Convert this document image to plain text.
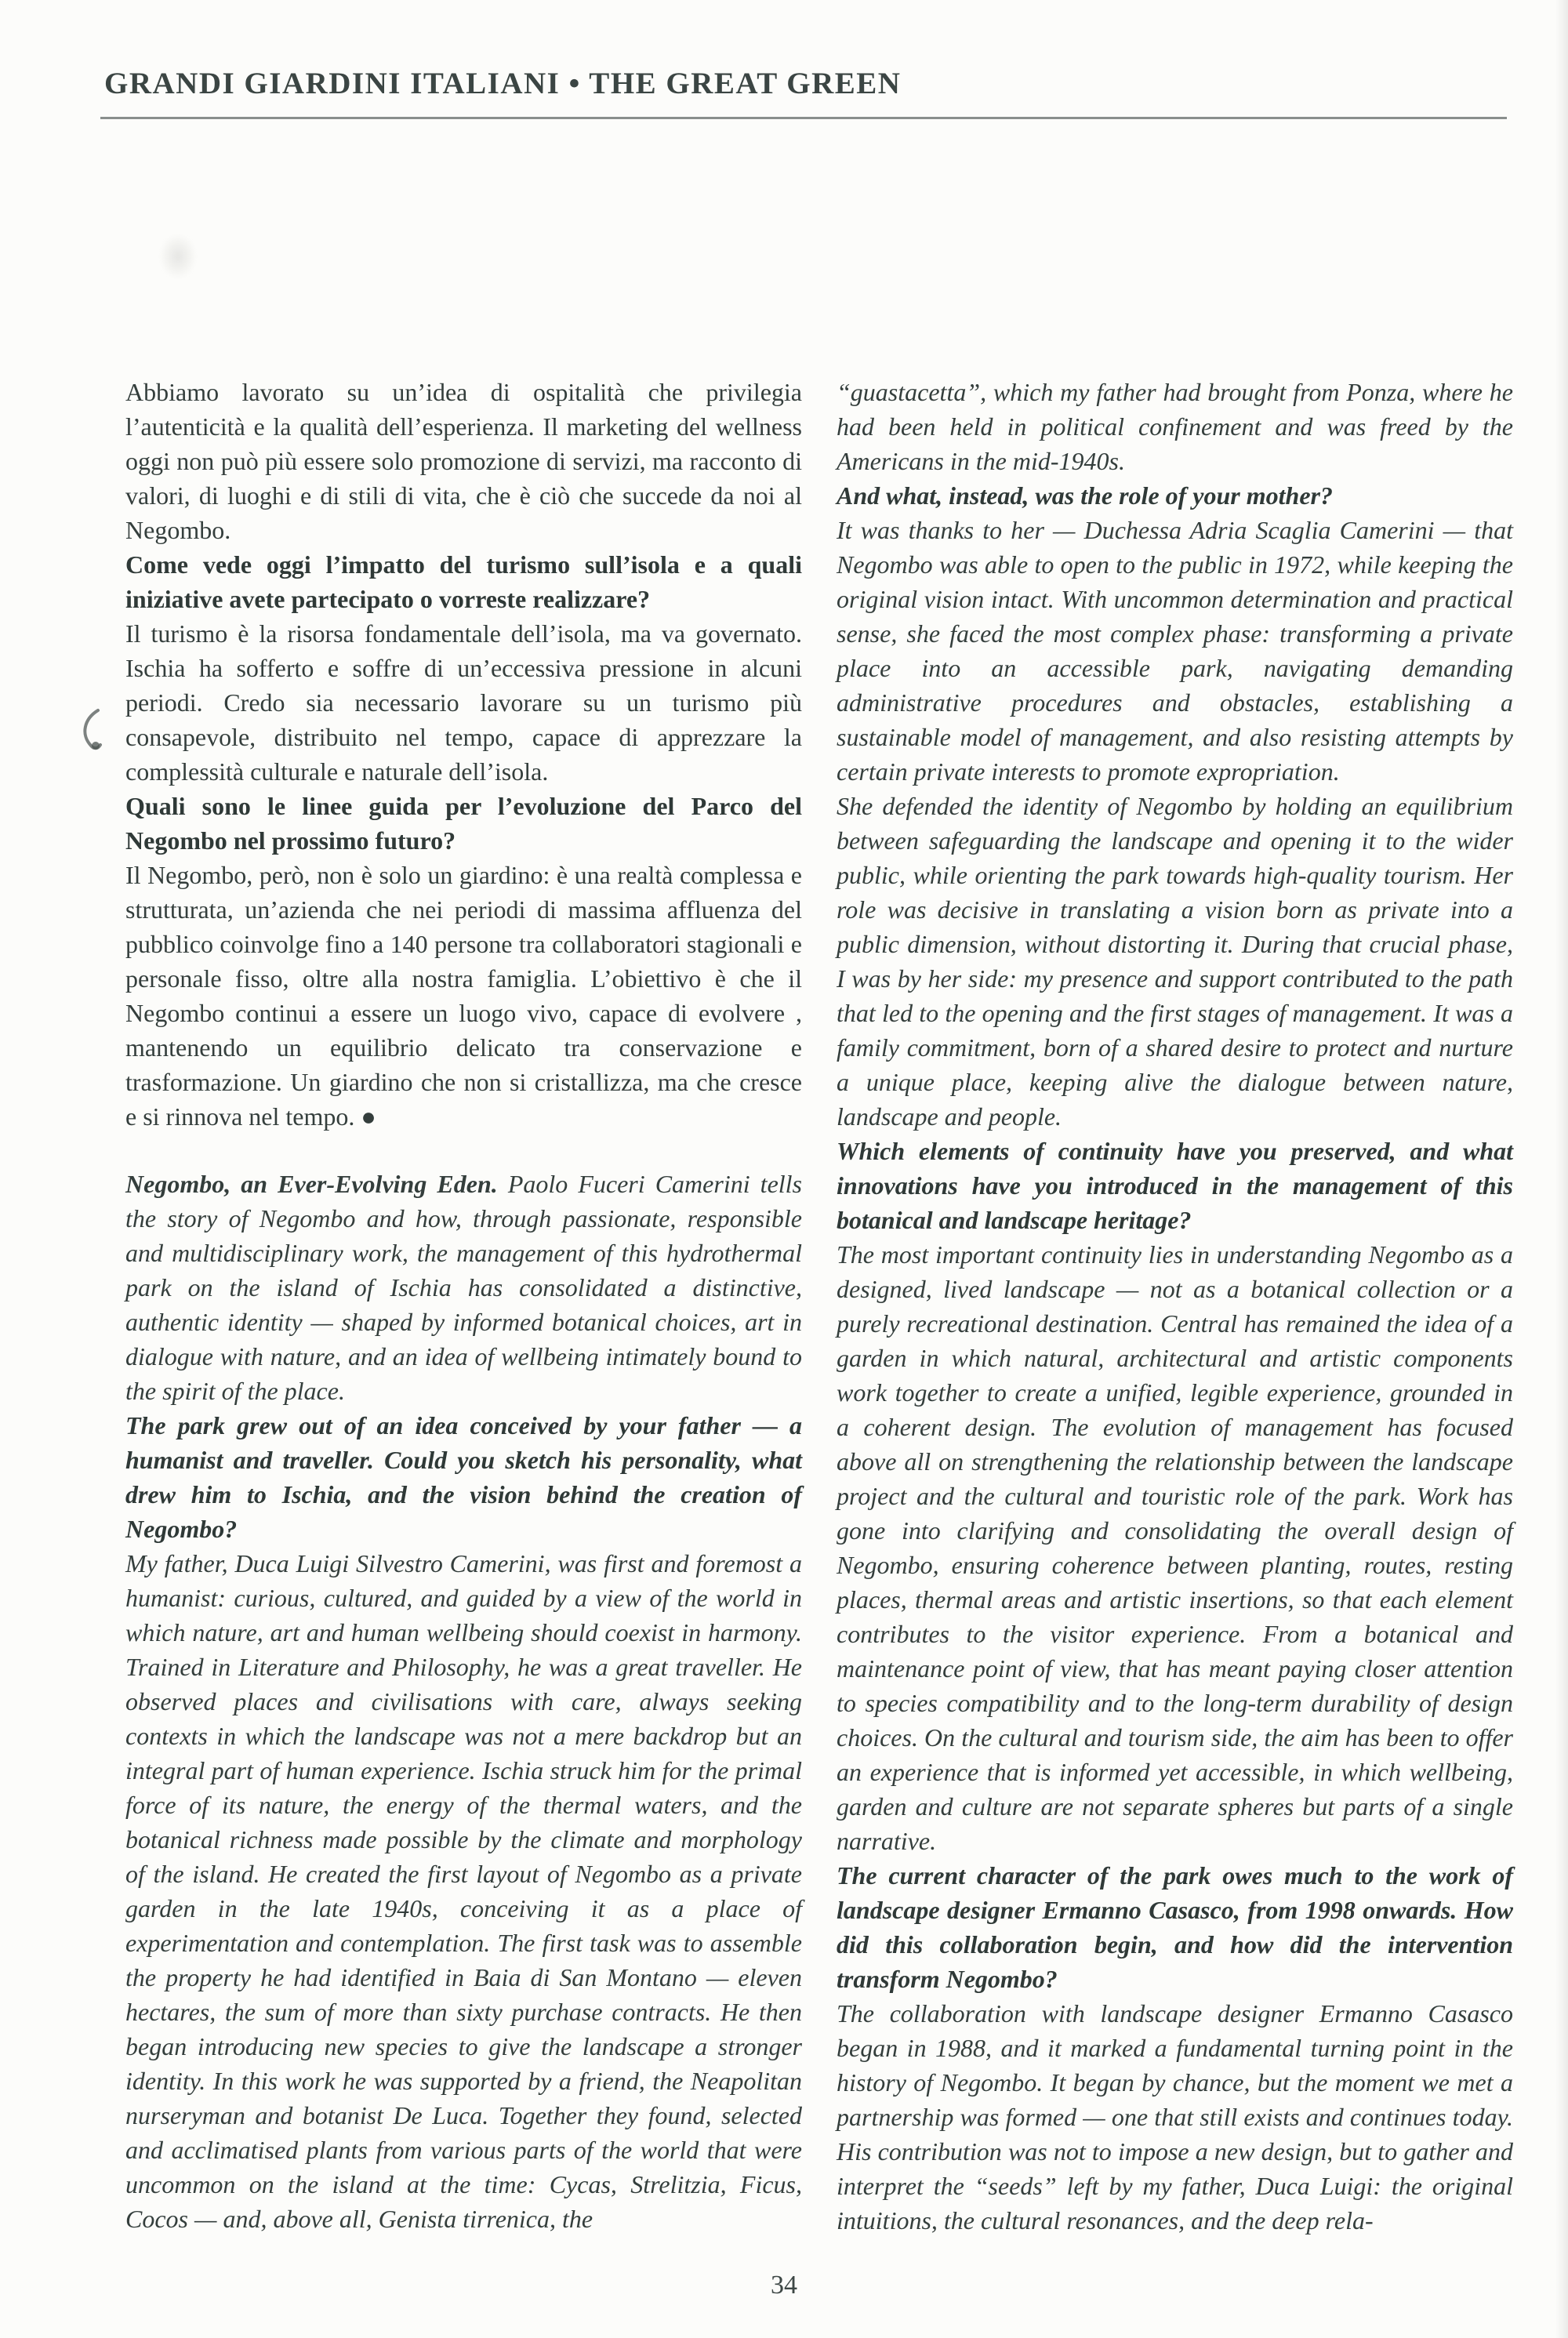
GRANDI GIARDINI ITALIANI • THE GREAT GREEN

Abbiamo lavorato su un’idea di ospitalità che privilegia l’autenticità e la qualità dell’esperienza. Il marketing del wellness oggi non può più essere solo promozione di servizi, ma racconto di valori, di luoghi e di stili di vita, che è ciò che succede da noi al Negombo.

Come vede oggi l’impatto del turismo sull’isola e a quali iniziative avete partecipato o vorreste realizzare?

Il turismo è la risorsa fondamentale dell’isola, ma va governato. Ischia ha sofferto e soffre di un’eccessiva pressione in alcuni periodi. Credo sia necessario lavorare su un turismo più consapevole, distribuito nel tempo, capace di apprezzare la complessità culturale e naturale dell’isola.

Quali sono le linee guida per l’evoluzione del Parco del Negombo nel prossimo futuro?

Il Negombo, però, non è solo un giardino: è una realtà complessa e strutturata, un’azienda che nei periodi di massima affluenza del pubblico coinvolge fino a 140 persone tra collaboratori stagionali e personale fisso, oltre alla nostra famiglia. L’obiettivo è che il Negombo continui a essere un luogo vivo, capace di evolvere , mantenendo un equilibrio delicato tra conservazione e trasformazione. Un giardino che non si cristallizza, ma che cresce e si rinnova nel tempo. ●

Negombo, an Ever-Evolving Eden. Paolo Fuceri Camerini tells the story of Negombo and how, through passionate, responsible and multidisciplinary work, the management of this hydrothermal park on the island of Ischia has consolidated a distinctive, authentic identity — shaped by informed botanical choices, art in dialogue with nature, and an idea of wellbeing intimately bound to the spirit of the place.

The park grew out of an idea conceived by your father — a humanist and traveller. Could you sketch his personality, what drew him to Ischia, and the vision behind the creation of Negombo?

My father, Duca Luigi Silvestro Camerini, was first and foremost a humanist: curious, cultured, and guided by a view of the world in which nature, art and human wellbeing should coexist in harmony. Trained in Literature and Philosophy, he was a great traveller. He observed places and civilisations with care, always seeking contexts in which the landscape was not a mere backdrop but an integral part of human experience. Ischia struck him for the primal force of its nature, the energy of the thermal waters, and the botanical richness made possible by the climate and morphology of the island. He created the first layout of Negombo as a private garden in the late 1940s, conceiving it as a place of experimentation and contemplation. The first task was to assemble the property he had identified in Baia di San Montano — eleven hectares, the sum of more than sixty purchase contracts. He then began introducing new species to give the landscape a stronger identity. In this work he was supported by a friend, the Neapolitan nurseryman and botanist De Luca. Together they found, selected and acclimatised plants from various parts of the world that were uncommon on the island at the time: Cycas, Strelitzia, Ficus, Cocos — and, above all, Genista tirrenica, the

“guastacetta”, which my father had brought from Ponza, where he had been held in political confinement and was freed by the Americans in the mid-1940s.

And what, instead, was the role of your mother?

It was thanks to her — Duchessa Adria Scaglia Camerini — that Negombo was able to open to the public in 1972, while keeping the original vision intact. With uncommon determination and practical sense, she faced the most complex phase: transforming a private place into an accessible park, navigating demanding administrative procedures and obstacles, establishing a sustainable model of management, and also resisting attempts by certain private interests to promote expropriation.

She defended the identity of Negombo by holding an equilibrium between safeguarding the landscape and opening it to the wider public, while orienting the park towards high-quality tourism. Her role was decisive in translating a vision born as private into a public dimension, without distorting it. During that crucial phase, I was by her side: my presence and support contributed to the path that led to the opening and the first stages of management. It was a family commitment, born of a shared desire to protect and nurture a unique place, keeping alive the dialogue between nature, landscape and people.

Which elements of continuity have you preserved, and what innovations have you introduced in the management of this botanical and landscape heritage?

The most important continuity lies in understanding Negombo as a designed, lived landscape — not as a botanical collection or a purely recreational destination. Central has remained the idea of a garden in which natural, architectural and artistic components work together to create a unified, legible experience, grounded in a coherent design. The evolution of management has focused above all on strengthening the relationship between the landscape project and the cultural and touristic role of the park. Work has gone into clarifying and consolidating the overall design of Negombo, ensuring coherence between planting, routes, resting places, thermal areas and artistic insertions, so that each element contributes to the visitor experience. From a botanical and maintenance point of view, that has meant paying closer attention to species compatibility and to the long-term durability of design choices. On the cultural and tourism side, the aim has been to offer an experience that is informed yet accessible, in which wellbeing, garden and culture are not separate spheres but parts of a single narrative.

The current character of the park owes much to the work of landscape designer Ermanno Casasco, from 1998 onwards. How did this collaboration begin, and how did the intervention transform Negombo?

The collaboration with landscape designer Ermanno Casasco began in 1988, and it marked a fundamental turning point in the history of Negombo. It began by chance, but the moment we met a partnership was formed — one that still exists and continues today. His contribution was not to impose a new design, but to gather and interpret the “seeds” left by my father, Duca Luigi: the original intuitions, the cultural resonances, and the deep rela-

34
